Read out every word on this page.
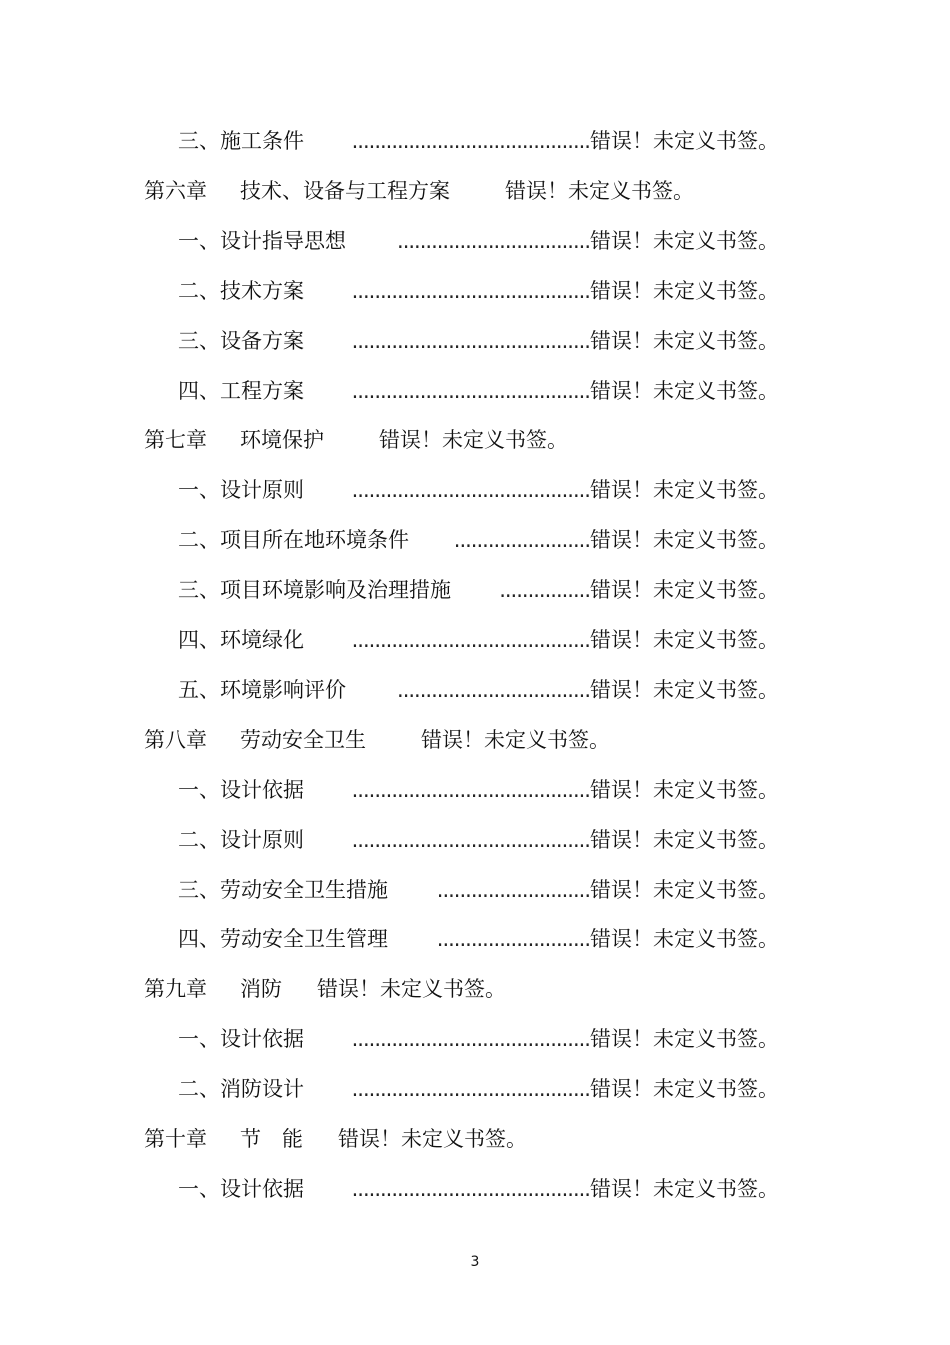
三、施工条件	.......................................... 错误！未定义书签。
第六章 技术、设备与工程方案	错误！未定义书签。
一、设计指导思想	.................................. 错误！未定义书签。
二、技术方案	.......................................... 错误！未定义书签。
三、设备方案	.......................................... 错误！未定义书签。
四、工程方案	.......................................... 错误！未定义书签。
第七章 环境保护	错误！未定义书签。
一、设计原则	.......................................... 错误！未定义书签。
二、项目所在地环境条件	........................ 错误！未定义书签。
三、项目环境影响及治理措施	................ 错误！未定义书签。
四、环境绿化	.......................................... 错误！未定义书签。
五、环境影响评价	.................................. 错误！未定义书签。
第八章 劳动安全卫生	错误！未定义书签。
一、设计依据	.......................................... 错误！未定义书签。
二、设计原则	.......................................... 错误！未定义书签。
三、劳动安全卫生措施	........................... 错误！未定义书签。
四、劳动安全卫生管理	........................... 错误！未定义书签。
第九章 消防 错误！未定义书签。
一、设计依据	.......................................... 错误！未定义书签。
二、消防设计	.......................................... 错误！未定义书签。
第十章 节　能 错误！未定义书签。
一、设计依据	.......................................... 错误！未定义书签。
3
